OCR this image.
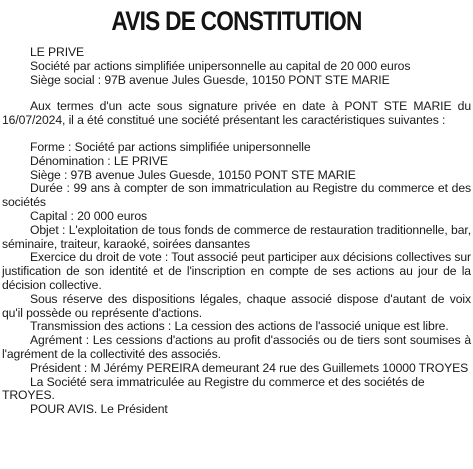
AVIS DE CONSTITUTION

LE PRIVE

Société par actions simplifiée unipersonnelle au capital de 20 000 euros

Siège social : 97B avenue Jules Guesde, 10150 PONT STE MARIE

Aux termes d'un acte sous signature privée en date à PONT STE MARIE du 16/07/2024, il a été constitué une société présentant les caractéristiques suivantes :

Forme : Société par actions simplifiée unipersonnelle

Dénomination : LE PRIVE

Siège : 97B avenue Jules Guesde, 10150 PONT STE MARIE

Durée : 99 ans à compter de son immatriculation au Registre du commerce et des sociétés

Capital : 20 000 euros

Objet : L'exploitation de tous fonds de commerce de restauration traditionnelle, bar, séminaire, traiteur, karaoké, soirées dansantes

Exercice du droit de vote : Tout associé peut participer aux décisions collectives sur justification de son identité et de l'inscription en compte de ses actions au jour de la décision collective.

Sous réserve des dispositions légales, chaque associé dispose d'autant de voix qu'il possède ou représente d'actions.

Transmission des actions : La cession des actions de l'associé unique est libre.

Agrément : Les cessions d'actions au profit d'associés ou de tiers sont soumises à l'agrément de la collectivité des associés.

Président : M Jérémy PEREIRA demeurant 24 rue des Guillemets 10000 TROYES

La Société sera immatriculée au Registre du commerce et des sociétés de TROYES.

POUR AVIS. Le Président
